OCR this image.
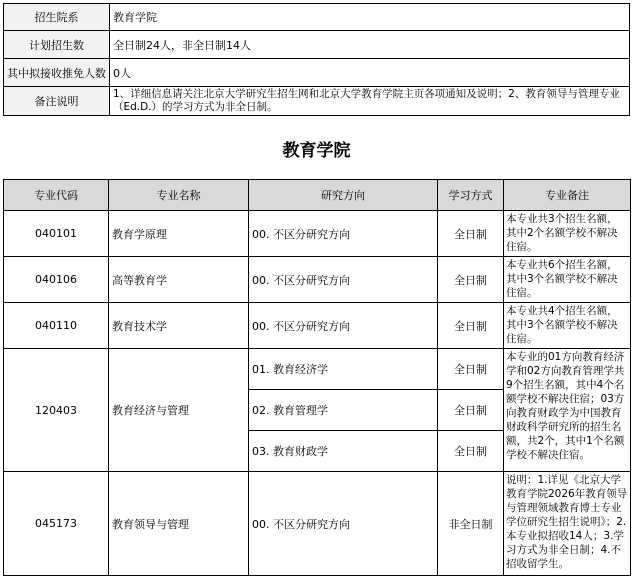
招生院系	教育学院
计划招生数	全日制24人，非全日制14人
其中拟接收推免人数	0人
备注说明	1、详细信息请关注北京大学研究生招生网和北京大学教育学院主页各项通知及说明；2、教育领导与管理专业（Ed.D.）的学习方式为非全日制。
教育学院
专业代码	专业名称	研究方向	学习方式	专业备注
040101	教育学原理	00. 不区分研究方向	全日制	本专业共3个招生名额，其中2个名额学校不解决住宿。
040106	高等教育学	00. 不区分研究方向	全日制	本专业共6个招生名额，其中3个名额学校不解决住宿。
040110	教育技术学	00. 不区分研究方向	全日制	本专业共4个招生名额，其中3个名额学校不解决住宿。
120403	教育经济与管理	01. 教育经济学	全日制	本专业的01方向教育经济学和02方向教育管理学共9个招生名额，其中4个名额学校不解决住宿；03方向教育财政学为中国教育财政科学研究所的招生名额，共2个，其中1个名额学校不解决住宿。
		02. 教育管理学	全日制	
		03. 教育财政学	全日制	
045173	教育领导与管理	00. 不区分研究方向	非全日制	说明：1.详见《北京大学教育学院2026年教育领导与管理领域教育博士专业学位研究生招生说明》；2.本专业拟招收14人；3.学习方式为非全日制；4.不招收留学生。
